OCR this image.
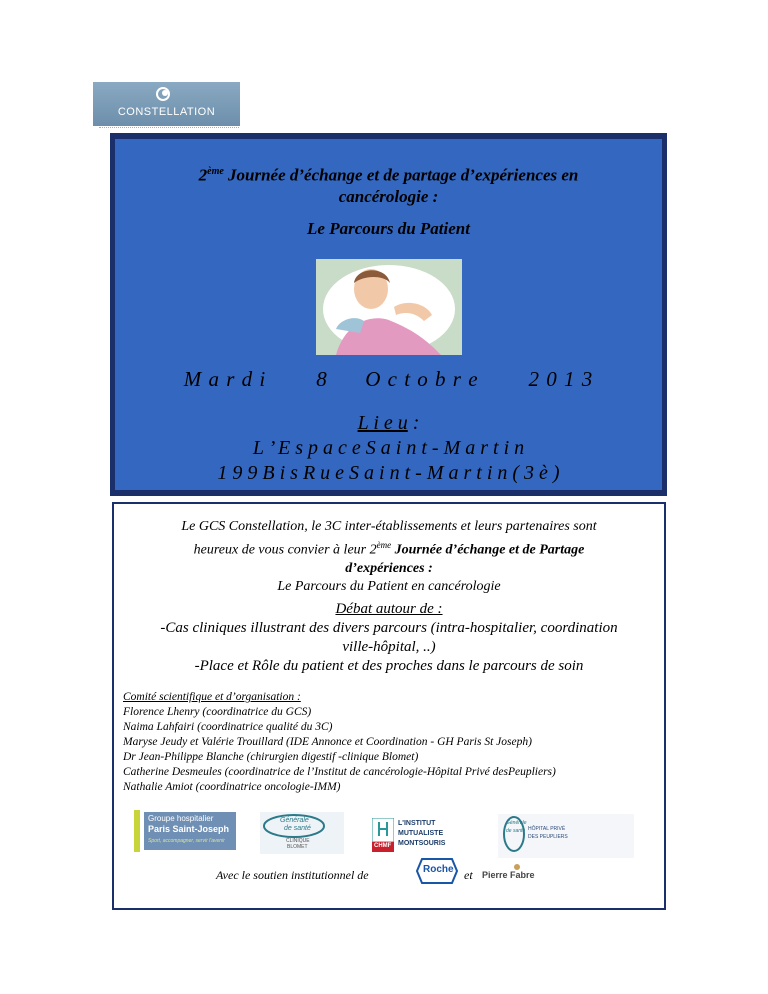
CONSTELLATION
2ème Journée d’échange et de partage d’expériences en
cancérologie :
Le Parcours du Patient
M a r d i 8 O c t o b r e 2 0 1 3
L i e u :
L ’ E s p a c e S a i n t - M a r t i n
1 9 9 B i s R u e S a i n t - M a r t i n ( 3 è )
Le GCS Constellation, le 3C inter-établissements et leurs partenaires sont
heureux de vous convier à leur 2ème Journée d’échange et de Partage
d’expériences :
Le Parcours du Patient en cancérologie
Débat autour de :
-Cas cliniques illustrant des divers parcours (intra-hospitalier, coordination
ville-hôpital, ..)
-Place et Rôle du patient et des proches dans le parcours de soin
Comité scientifique et d’organisation :
Florence Lhenry (coordinatrice du GCS)
Naima Lahfairi (coordinatrice qualité du 3C)
Maryse Jeudy et Valérie Trouillard (IDE Annonce et Coordination - GH Paris St Joseph)
Dr Jean-Philippe Blanche (chirurgien digestif -clinique Blomet)
Catherine Desmeules (coordinatrice de l’Institut de cancérologie-Hôpital Privé desPeupliers)
Nathalie Amiot (coordinatrice oncologie-IMM)
Groupe hospitalier
Paris Saint-Joseph
Sport, accompagner, servir l'avenir
Générale
de santé
CLINIQUE
BLOMET	CHMF
L'INSTITUT
MUTUALISTE
MONTSOURIS
Générale
de santé HÔPITAL PRIVÉ
DES PEUPLIERS
Avec le soutien institutionnel de	Roche et Pierre Fabre
